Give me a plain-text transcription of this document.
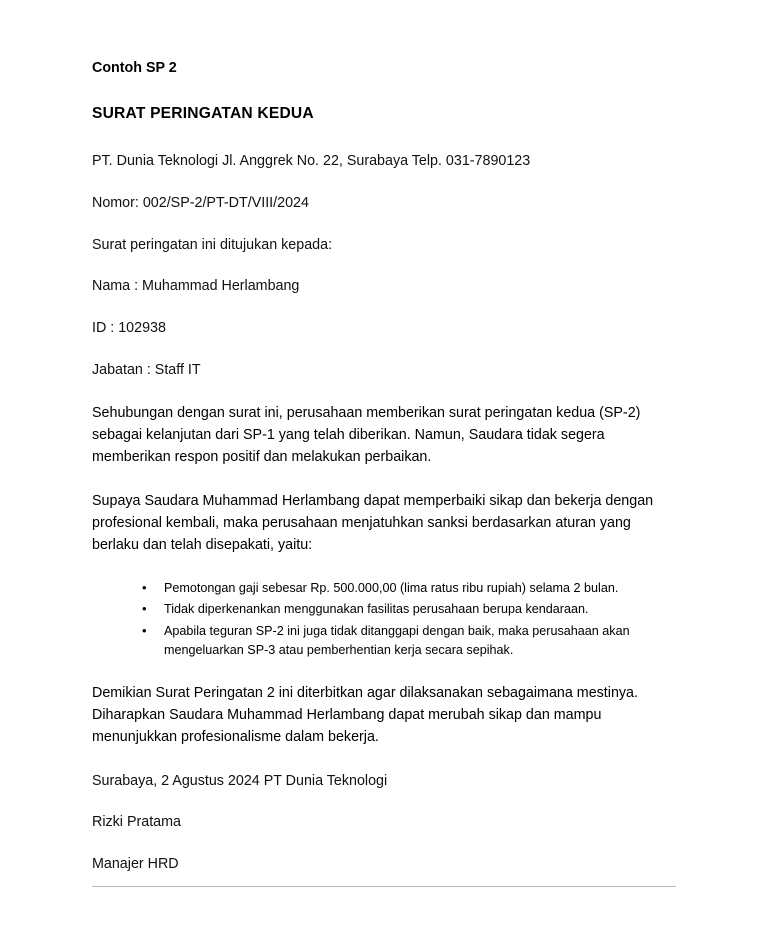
Contoh SP 2
SURAT PERINGATAN KEDUA

PT. Dunia Teknologi Jl. Anggrek No. 22, Surabaya Telp. 031-7890123

Nomor: 002/SP-2/PT-DT/VIII/2024

Surat peringatan ini ditujukan kepada:

Nama : Muhammad Herlambang

ID : 102938

Jabatan : Staff IT

Sehubungan dengan surat ini, perusahaan memberikan surat peringatan kedua (SP-2) sebagai kelanjutan dari SP-1 yang telah diberikan. Namun, Saudara tidak segera memberikan respon positif dan melakukan perbaikan.

Supaya Saudara Muhammad Herlambang dapat memperbaiki sikap dan bekerja dengan profesional kembali, maka perusahaan menjatuhkan sanksi berdasarkan aturan yang berlaku dan telah disepakati, yaitu:

• Pemotongan gaji sebesar Rp. 500.000,00 (lima ratus ribu rupiah) selama 2 bulan.
• Tidak diperkenankan menggunakan fasilitas perusahaan berupa kendaraan.
• Apabila teguran SP-2 ini juga tidak ditanggapi dengan baik, maka perusahaan akan mengeluarkan SP-3 atau pemberhentian kerja secara sepihak.

Demikian Surat Peringatan 2 ini diterbitkan agar dilaksanakan sebagaimana mestinya. Diharapkan Saudara Muhammad Herlambang dapat merubah sikap dan mampu menunjukkan profesionalisme dalam bekerja.

Surabaya, 2 Agustus 2024 PT Dunia Teknologi

Rizki Pratama

Manajer HRD
